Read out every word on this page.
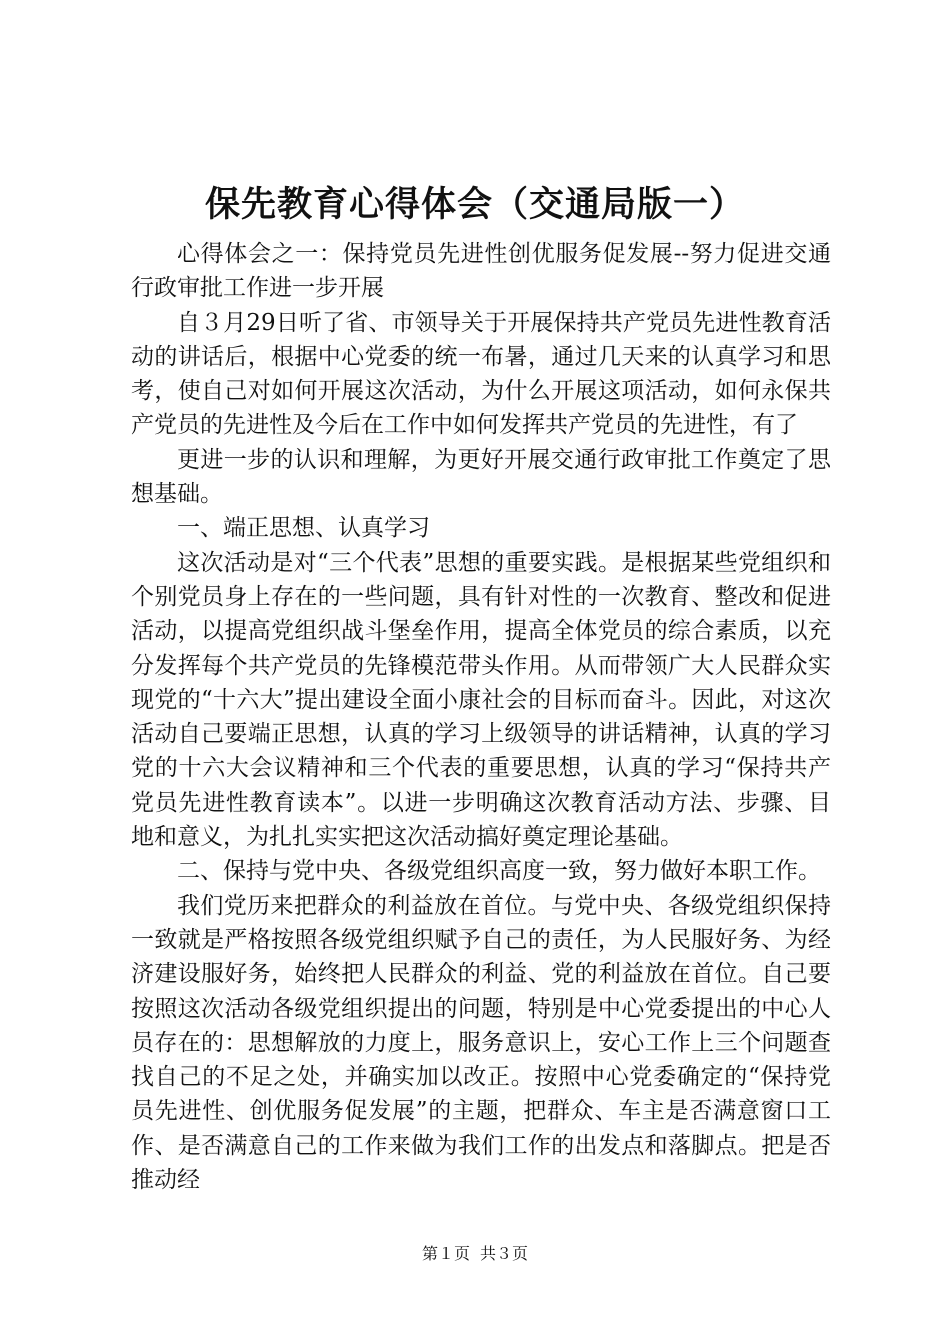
保先教育心得体会（交通局版一）

心得体会之一：保持党员先进性创优服务促发展--努力促进交通行政审批工作进一步开展

自３月29日听了省、市领导关于开展保持共产党员先进性教育活动的讲话后，根据中心党委的统一布暑，通过几天来的认真学习和思考，使自己对如何开展这次活动，为什么开展这项活动，如何永保共产党员的先进性及今后在工作中如何发挥共产党员的先进性，有了

更进一步的认识和理解，为更好开展交通行政审批工作奠定了思想基础。

一、端正思想、认真学习

这次活动是对“三个代表”思想的重要实践。是根据某些党组织和个别党员身上存在的一些问题，具有针对性的一次教育、整改和促进活动，以提高党组织战斗堡垒作用，提高全体党员的综合素质，以充分发挥每个共产党员的先锋模范带头作用。从而带领广大人民群众实现党的“十六大”提出建设全面小康社会的目标而奋斗。因此，对这次活动自己要端正思想，认真的学习上级领导的讲话精神，认真的学习党的十六大会议精神和三个代表的重要思想，认真的学习“保持共产党员先进性教育读本”。以进一步明确这次教育活动方法、步骤、目地和意义，为扎扎实实把这次活动搞好奠定理论基础。

二、保持与党中央、各级党组织高度一致，努力做好本职工作。

我们党历来把群众的利益放在首位。与党中央、各级党组织保持一致就是严格按照各级党组织赋予自己的责任，为人民服好务、为经济建设服好务，始终把人民群众的利益、党的利益放在首位。自己要按照这次活动各级党组织提出的问题，特别是中心党委提出的中心人员存在的：思想解放的力度上，服务意识上，安心工作上三个问题查找自己的不足之处，并确实加以改正。按照中心党委确定的“保持党员先进性、创优服务促发展”的主题，把群众、车主是否满意窗口工作、是否满意自己的工作来做为我们工作的出发点和落脚点。把是否推动经

第１页 共３页
